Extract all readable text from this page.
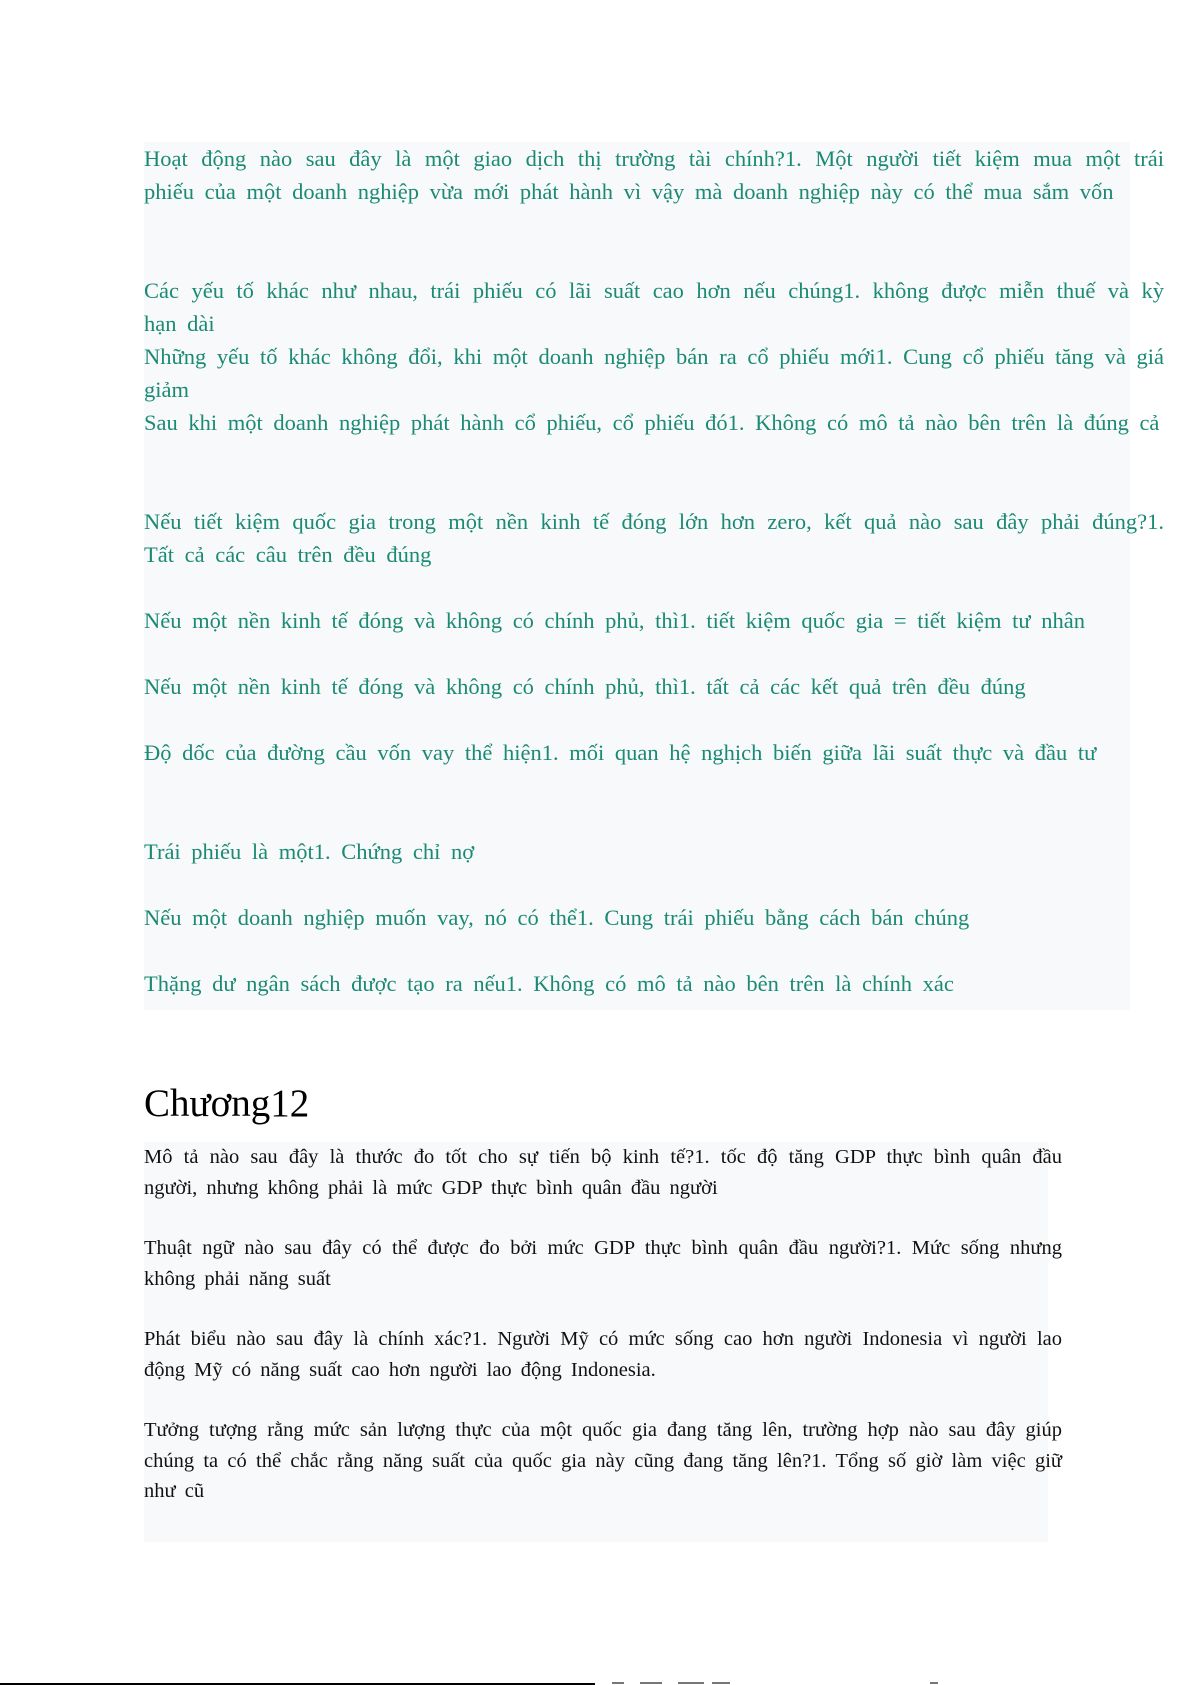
Hoạt động nào sau đây là một giao dịch thị trường tài chính?1. Một người tiết kiệm mua một trái phiếu của một doanh nghiệp vừa mới phát hành vì vậy mà doanh nghiệp này có thể mua sắm vốn

Các yếu tố khác như nhau, trái phiếu có lãi suất cao hơn nếu chúng1. không được miễn thuế và kỳ hạn dài

Những yếu tố khác không đổi, khi một doanh nghiệp bán ra cổ phiếu mới1. Cung cổ phiếu tăng và giá giảm

Sau khi một doanh nghiệp phát hành cổ phiếu, cổ phiếu đó1. Không có mô tả nào bên trên là đúng cả

Nếu tiết kiệm quốc gia trong một nền kinh tế đóng lớn hơn zero, kết quả nào sau đây phải đúng?1. Tất cả các câu trên đều đúng

Nếu một nền kinh tế đóng và không có chính phủ, thì1. tiết kiệm quốc gia = tiết kiệm tư nhân

Nếu một nền kinh tế đóng và không có chính phủ, thì1. tất cả các kết quả trên đều đúng

Độ dốc của đường cầu vốn vay thể hiện1. mối quan hệ nghịch biến giữa lãi suất thực và đầu tư

Trái phiếu là một1. Chứng chỉ nợ

Nếu một doanh nghiệp muốn vay, nó có thể1. Cung trái phiếu bằng cách bán chúng

Thặng dư ngân sách được tạo ra nếu1. Không có mô tả nào bên trên là chính xác

Chương12

Mô tả nào sau đây là thước đo tốt cho sự tiến bộ kinh tế?1. tốc độ tăng GDP thực bình quân đầu người, nhưng không phải là mức GDP thực bình quân đầu người

Thuật ngữ nào sau đây có thể được đo bởi mức GDP thực bình quân đầu người?1. Mức sống nhưng không phải năng suất

Phát biểu nào sau đây là chính xác?1. Người Mỹ có mức sống cao hơn người Indonesia vì người lao động Mỹ có năng suất cao hơn người lao động Indonesia.

Tưởng tượng rằng mức sản lượng thực của một quốc gia đang tăng lên, trường hợp nào sau đây giúp chúng ta có thể chắc rằng năng suất của quốc gia này cũng đang tăng lên?1. Tổng số giờ làm việc giữ như cũ
